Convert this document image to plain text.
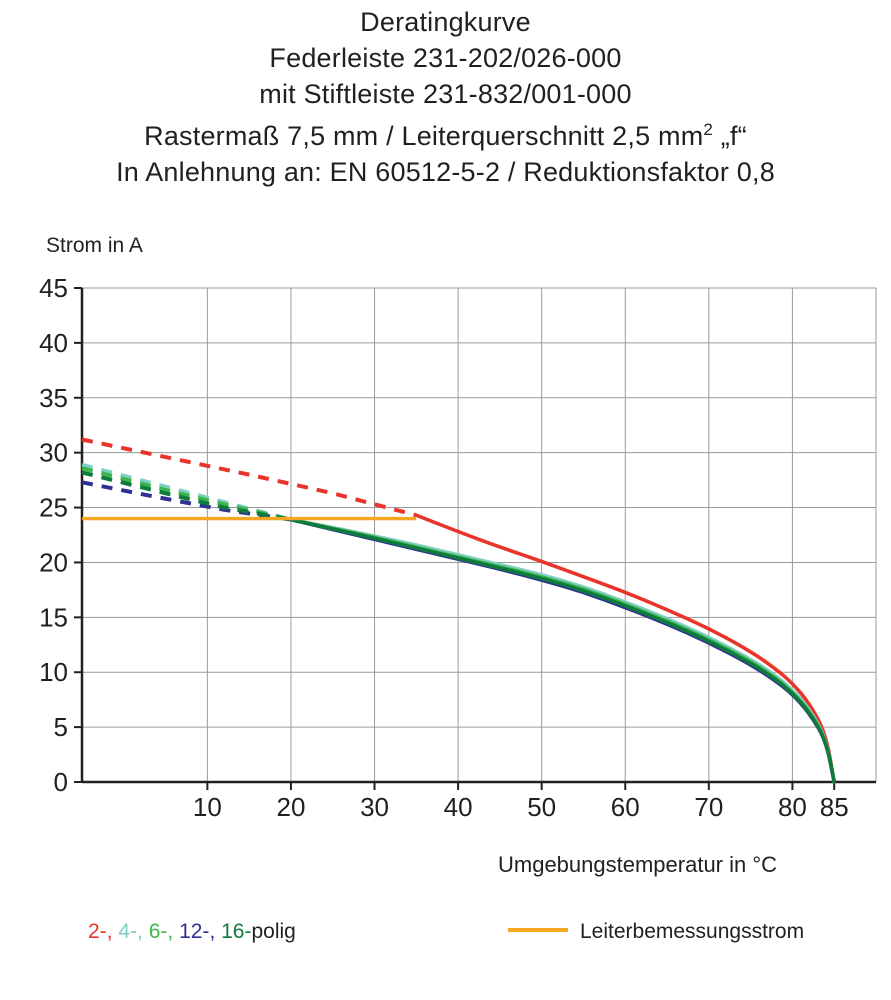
Deratingkurve
Federleiste 231-202/026-000
mit Stiftleiste 231-832/001-000
Rastermaß 7,5 mm / Leiterquerschnitt 2,5 $mm^2$ „f“
In Anlehnung an: EN 60512-5-2 / Reduktionsfaktor 0,8
Strom in A
10 20 30 40 50 60 70 80 85
0
5
10
15
20
25
30
35
40
45
Umgebungstemperatur in °C
2-, 4-, 6-, 12-, 16-polig	Leiterbemessungsstrom
